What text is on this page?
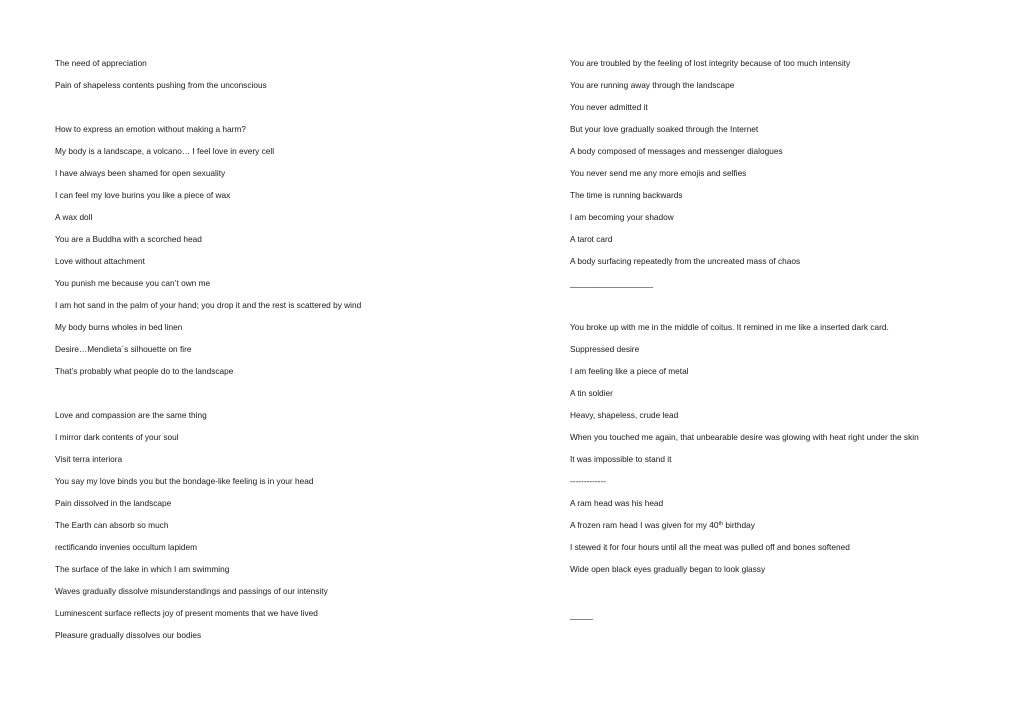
The need of appreciation
Pain of shapeless contents pushing from the unconscious
How to express an emotion without making a harm?
My body is a landscape, a volcano… I feel love in every cell
I have always been shamed for open sexuality
I can feel my love burins you like a piece of wax
A wax doll
You are a Buddha with a scorched head
Love without attachment
You punish me because you can’t own me
I am hot sand in the palm of your hand; you drop it and the rest is scattered by wind
My body burns wholes in bed linen
Desire…Mendieta´s silhouette on fire
That’s probably what people do to the landscape
Love and compassion are the same thing
I mirror dark contents of your soul
Visit terra interiora
You say my love binds you but the bondage-like feeling is in your head
Pain dissolved in the landscape
The Earth can absorb so much
rectificando invenies occultum lapidem
The surface of the lake in which I am swimming
Waves gradually dissolve misunderstandings and passings of our intensity
Luminescent surface reflects joy of present moments that we have lived
Pleasure gradually dissolves our bodies
You are troubled by the feeling of lost integrity because of too much intensity
You are running away through the landscape
You never admitted it
But your love gradually soaked through the Internet
A body composed of messages and messenger dialogues
You never send me any more emojis and selfies
The time is running backwards
I am becoming your shadow
A tarot card
A body surfacing repeatedly from the uncreated mass of chaos
__________________
You broke up with me in the middle of coitus. It remined in me like a inserted dark card.
Suppressed desire
I am feeling like a piece of metal
A tin soldier
Heavy, shapeless, crude lead
When you touched me again, that unbearable desire was glowing with heat right under the skin
It was impossible to stand it
-------------
A ram head was his head
A frozen ram head I was given for my 40th birthday
I stewed it for four hours until all the meat was pulled off and bones softened
Wide open black eyes gradually began to look glassy
_____
